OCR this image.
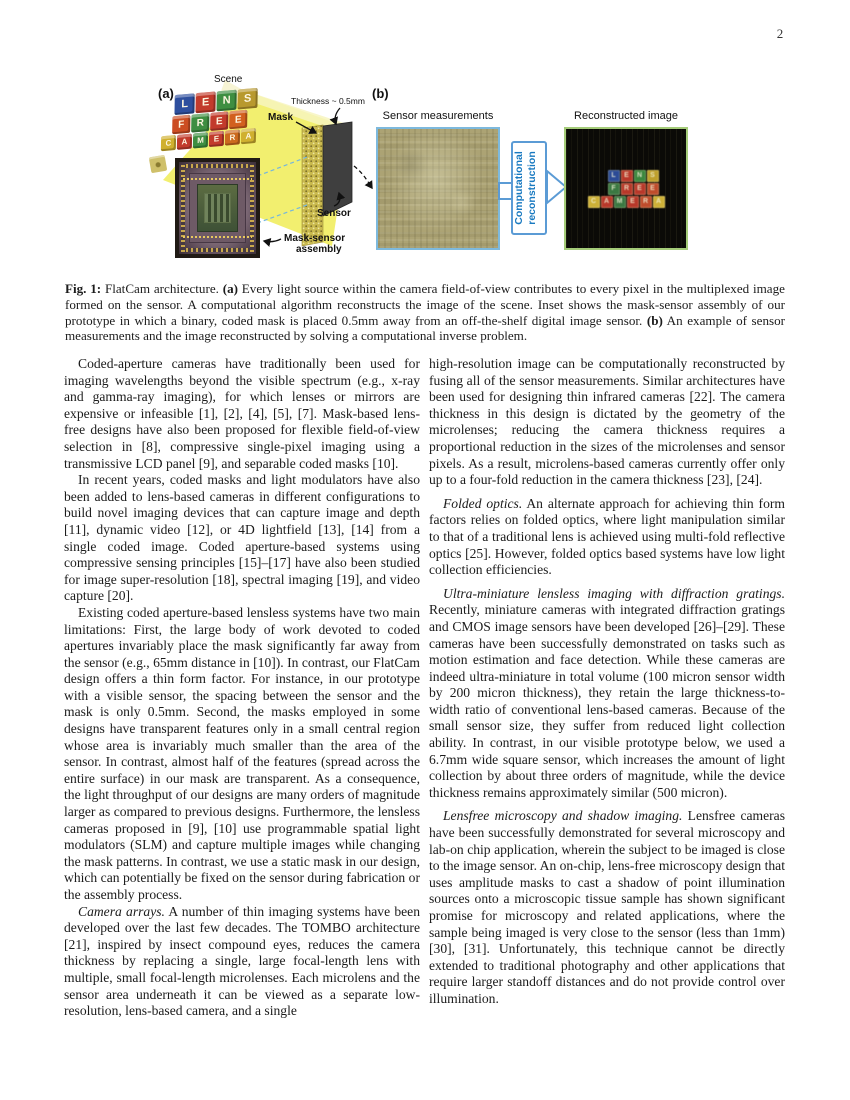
2
(a)
Scene
L	E	N	S
F	R	E	E
C	A	M	E	R	A
Mask
Thickness ~ 0.5mm
Sensor
Mask-sensor
assembly
(b)
Sensor measurements
Computational reconstruction
Reconstructed image
L	E	N	S
F	R	E	E
C	A	M	E	R	A
Fig. 1: FlatCam architecture. (a) Every light source within the camera field-of-view contributes to every pixel in the multiplexed image formed on the sensor. A computational algorithm reconstructs the image of the scene. Inset shows the mask-sensor assembly of our prototype in which a binary, coded mask is placed 0.5mm away from an off-the-shelf digital image sensor. (b) An example of sensor measurements and the image reconstructed by solving a computational inverse problem.

Coded-aperture cameras have traditionally been used for imaging wavelengths beyond the visible spectrum (e.g., x-ray and gamma-ray imaging), for which lenses or mirrors are expensive or infeasible [1], [2], [4], [5], [7]. Mask-based lens-free designs have also been proposed for flexible field-of-view selection in [8], compressive single-pixel imaging using a transmissive LCD panel [9], and separable coded masks [10].

In recent years, coded masks and light modulators have also been added to lens-based cameras in different configurations to build novel imaging devices that can capture image and depth [11], dynamic video [12], or 4D lightfield [13], [14] from a single coded image. Coded aperture-based systems using compressive sensing principles [15]–[17] have also been studied for image super-resolution [18], spectral imaging [19], and video capture [20].

Existing coded aperture-based lensless systems have two main limitations: First, the large body of work devoted to coded apertures invariably place the mask significantly far away from the sensor (e.g., 65mm distance in [10]). In contrast, our FlatCam design offers a thin form factor. For instance, in our prototype with a visible sensor, the spacing between the sensor and the mask is only 0.5mm. Second, the masks employed in some designs have transparent features only in a small central region whose area is invariably much smaller than the area of the sensor. In contrast, almost half of the features (spread across the entire surface) in our mask are transparent. As a consequence, the light throughput of our designs are many orders of magnitude larger as compared to previous designs. Furthermore, the lensless cameras proposed in [9], [10] use programmable spatial light modulators (SLM) and capture multiple images while changing the mask patterns. In contrast, we use a static mask in our design, which can potentially be fixed on the sensor during fabrication or the assembly process.

Camera arrays. A number of thin imaging systems have been developed over the last few decades. The TOMBO architecture [21], inspired by insect compound eyes, reduces the camera thickness by replacing a single, large focal-length lens with multiple, small focal-length microlenses. Each microlens and the sensor area underneath it can be viewed as a separate low-resolution, lens-based camera, and a single

high-resolution image can be computationally reconstructed by fusing all of the sensor measurements. Similar architectures have been used for designing thin infrared cameras [22]. The camera thickness in this design is dictated by the geometry of the microlenses; reducing the camera thickness requires a proportional reduction in the sizes of the microlenses and sensor pixels. As a result, microlens-based cameras currently offer only up to a four-fold reduction in the camera thickness [23], [24].

Folded optics. An alternate approach for achieving thin form factors relies on folded optics, where light manipulation similar to that of a traditional lens is achieved using multi-fold reflective optics [25]. However, folded optics based systems have low light collection efficiencies.

Ultra-miniature lensless imaging with diffraction gratings. Recently, miniature cameras with integrated diffraction gratings and CMOS image sensors have been developed [26]–[29]. These cameras have been successfully demonstrated on tasks such as motion estimation and face detection. While these cameras are indeed ultra-miniature in total volume (100 micron sensor width by 200 micron thickness), they retain the large thickness-to-width ratio of conventional lens-based cameras. Because of the small sensor size, they suffer from reduced light collection ability. In contrast, in our visible prototype below, we used a 6.7mm wide square sensor, which increases the amount of light collection by about three orders of magnitude, while the device thickness remains approximately similar (500 micron).

Lensfree microscopy and shadow imaging. Lensfree cameras have been successfully demonstrated for several microscopy and lab-on chip application, wherein the subject to be imaged is close to the image sensor. An on-chip, lens-free microscopy design that uses amplitude masks to cast a shadow of point illumination sources onto a microscopic tissue sample has shown significant promise for microscopy and related applications, where the sample being imaged is very close to the sensor (less than 1mm) [30], [31]. Unfortunately, this technique cannot be directly extended to traditional photography and other applications that require larger standoff distances and do not provide control over illumination.
